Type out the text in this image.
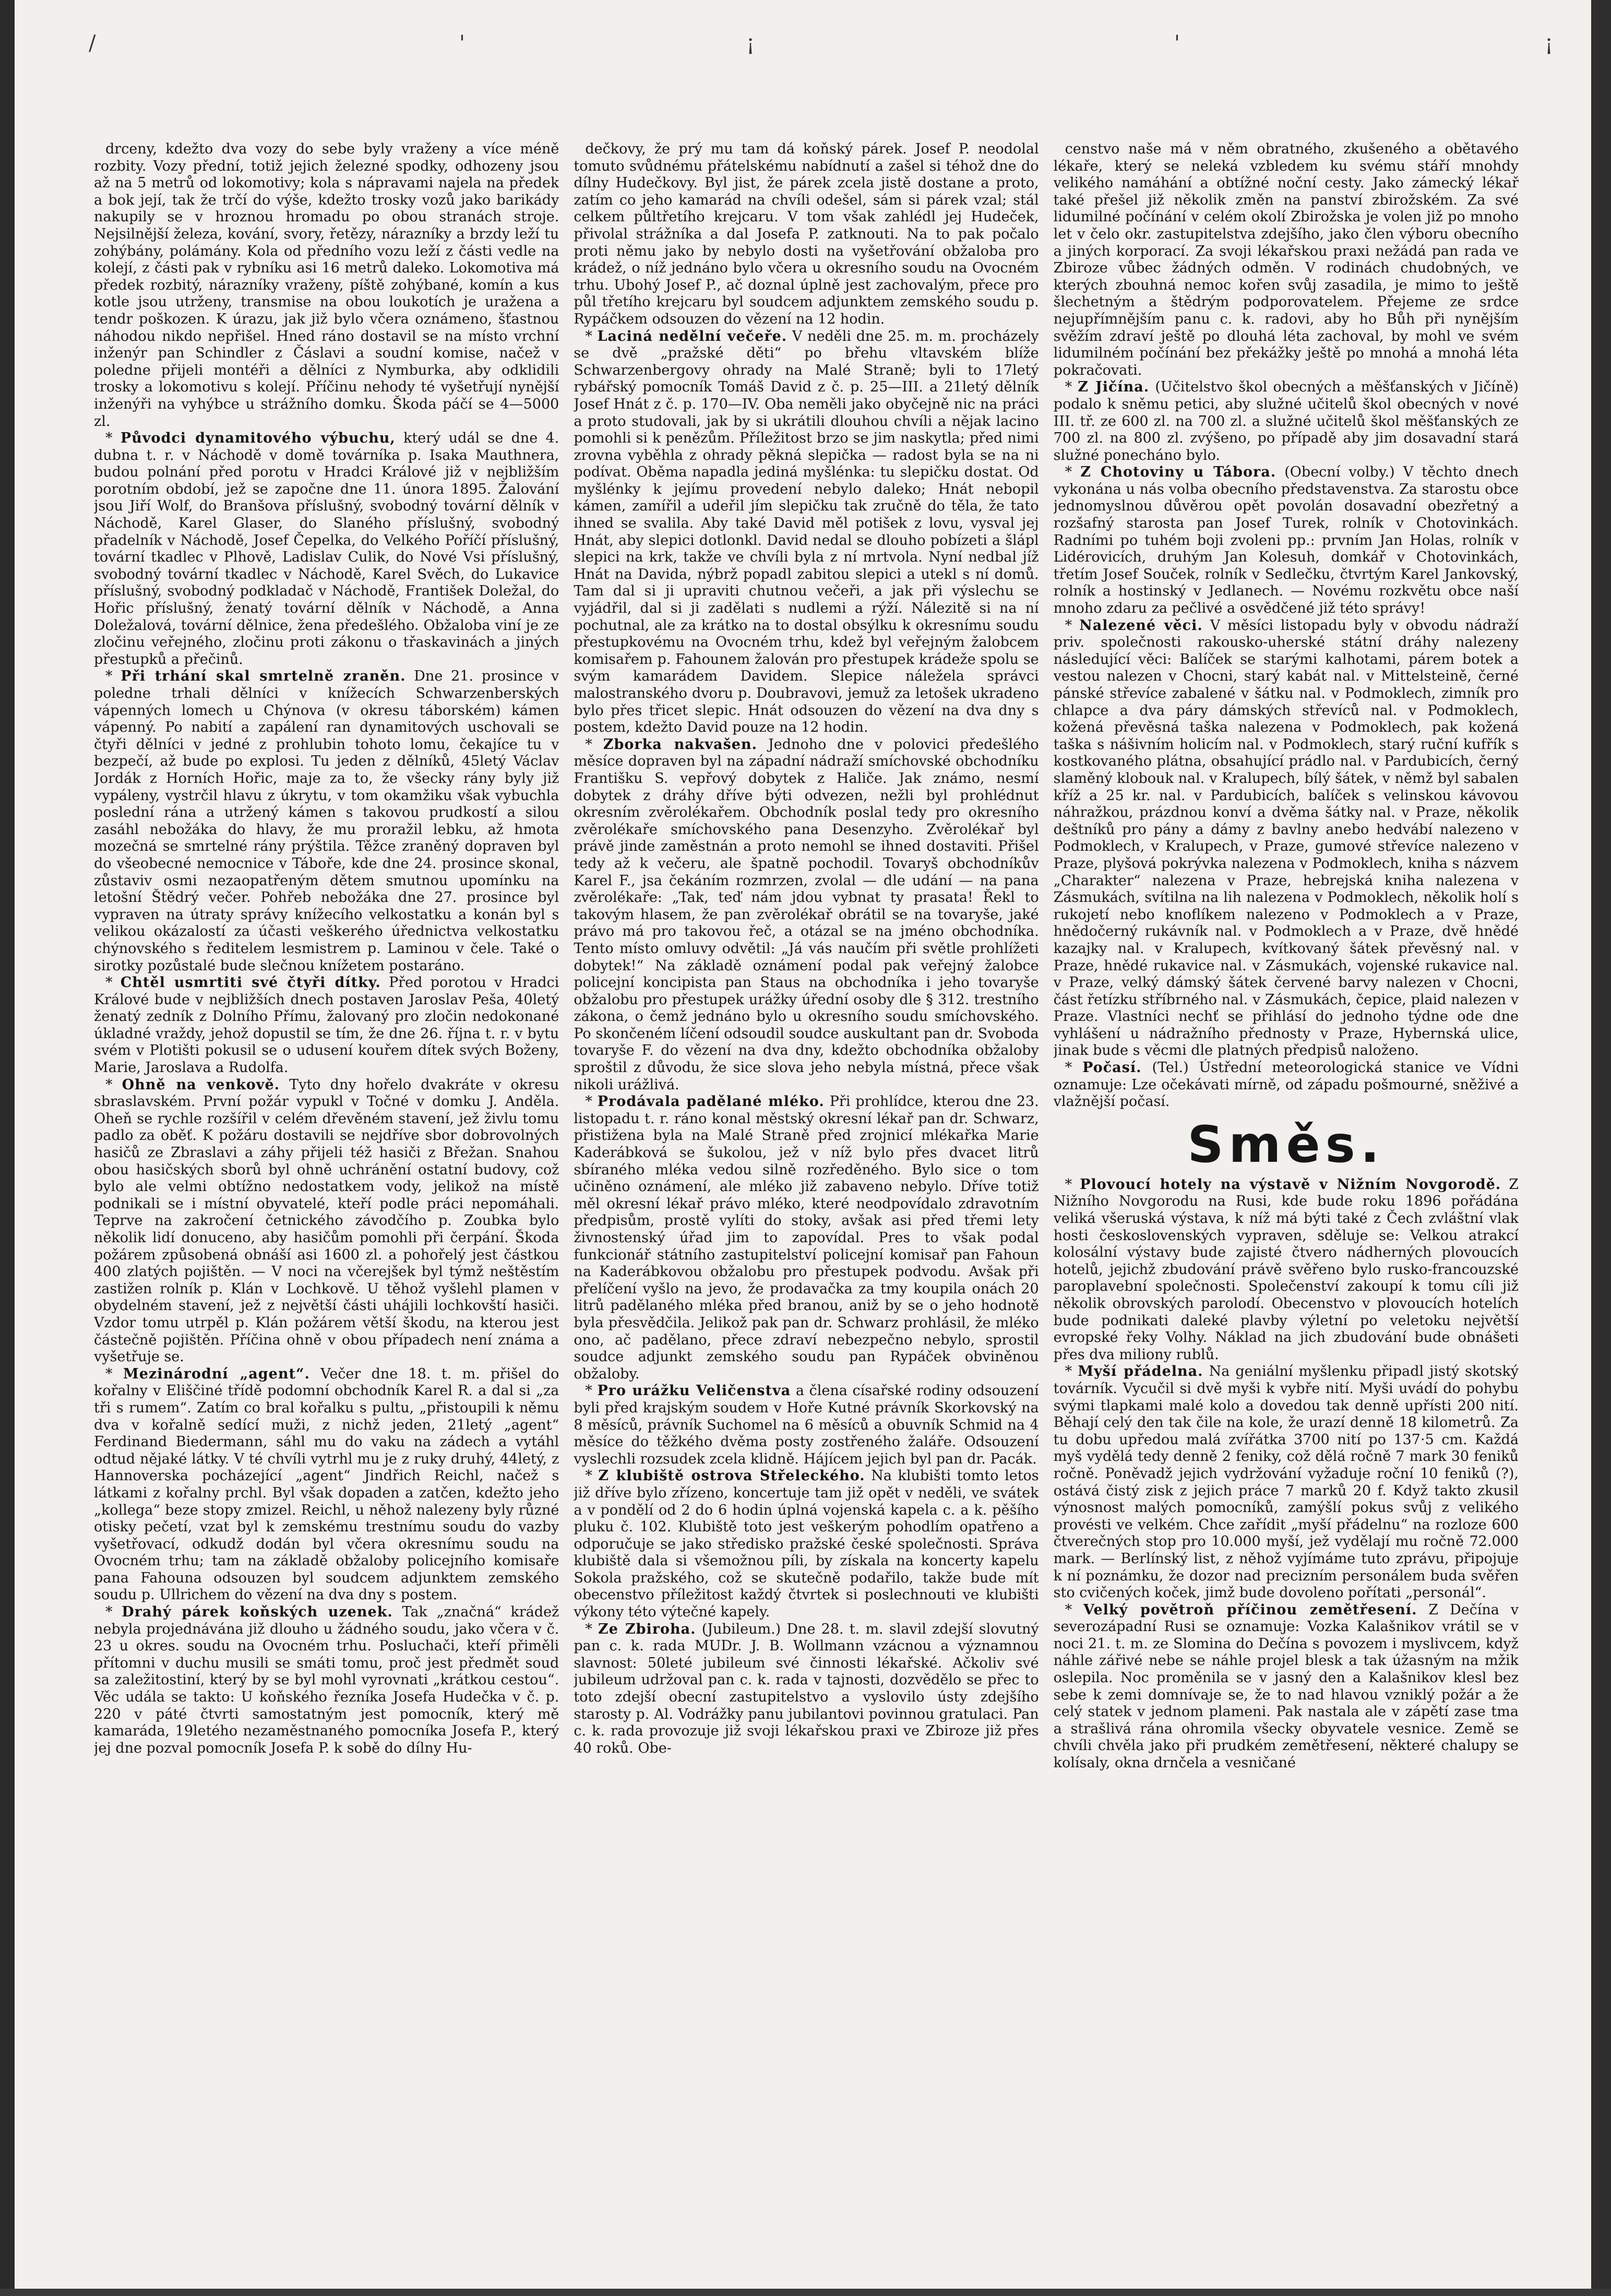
/	'	¡	'	¡

drceny, kdežto dva vozy do sebe byly vraženy a více méně rozbity. Vozy přední, totiž jejich železné spodky, odhozeny jsou až na 5 metrů od lokomotivy; kola s nápravami najela na předek a bok její, tak že trčí do výše, kdežto trosky vozů jako barikády nakupily se v hroznou hromadu po obou stranách stroje. Nejsilnější železa, kování, svory, řetězy, nárazníky a brzdy leží tu zohýbány, polámány. Kola od předního vozu leží z části vedle na kolejí, z části pak v rybníku asi 16 metrů daleko. Lokomotiva má předek rozbitý, nárazníky vraženy, píště zohýbané, komín a kus kotle jsou utrženy, transmise na obou loukotích je uražena a tendr poškozen. K úrazu, jak již bylo včera oznámeno, šťastnou náhodou nikdo nepřišel. Hned ráno dostavil se na místo vrchní inženýr pan Schindler z Čáslavi a soudní komise, načež v poledne přijeli montéři a dělníci z Nymburka, aby odklidili trosky a lokomotivu s kolejí. Příčinu nehody té vyšetřují nynější inženýři na vyhýbce u strážního domku. Škoda páčí se 4—5000 zl.

* Původci dynamitového výbuchu, který udál se dne 4. dubna t. r. v Náchodě v domě továrníka p. Isaka Mauthnera, budou polnání před porotu v Hradci Králové již v nejbližším porotním období, jež se započne dne 11. února 1895. Žalování jsou Jiří Wolf, do Branšova příslušný, svobodný tovární dělník v Náchodě, Karel Glaser, do Slaného příslušný, svobodný přadelník v Náchodě, Josef Čepelka, do Velkého Poříčí příslušný, tovární tkadlec v Plhově, Ladislav Culik, do Nové Vsi příslušný, svobodný tovární tkadlec v Náchodě, Karel Svěch, do Lukavice příslušný, svobodný podkladač v Náchodě, František Doležal, do Hořic příslušný, ženatý tovární dělník v Náchodě, a Anna Doležalová, tovární dělnice, žena předešlého. Obžaloba viní je ze zločinu veřejného, zločinu proti zákonu o třaskavinách a jiných přestupků a přečinů.

* Při trhání skal smrtelně zraněn. Dne 21. prosince v poledne trhali dělníci v knížecích Schwarzenberských vápenných lomech u Chýnova (v okresu táborském) kámen vápenný. Po nabití a zapálení ran dynamitových uschovali se čtyři dělníci v jedné z prohlubin tohoto lomu, čekajíce tu v bezpečí, až bude po explosi. Tu jeden z dělníků, 45letý Václav Jordák z Horních Hořic, maje za to, že všecky rány byly již vypáleny, vystrčil hlavu z úkrytu, v tom okamžiku však vybuchla poslední rána a utržený kámen s takovou prudkostí a silou zasáhl nebožáka do hlavy, že mu proražil lebku, až hmota mozečná se smrtelné rány prýštila. Těžce zraněný dopraven byl do všeobecné nemocnice v Táboře, kde dne 24. prosince skonal, zůstaviv osmi nezaopatřeným dětem smutnou upomínku na letošní Štědrý večer. Pohřeb nebožáka dne 27. prosince byl vypraven na útraty správy knížecího velkostatku a konán byl s velikou okázalostí za účasti veškerého úřednictva velkostatku chýnovského s ředitelem lesmistrem p. Laminou v čele. Také o sirotky pozůstalé bude slečnou knížetem postaráno.

* Chtěl usmrtiti své čtyři dítky. Před porotou v Hradci Králové bude v nejbližších dnech postaven Jaroslav Peša, 40letý ženatý zedník z Dolního Přímu, žalovaný pro zločin nedokonané úkladné vraždy, jehož dopustil se tím, že dne 26. října t. r. v bytu svém v Plotišti pokusil se o udusení kouřem dítek svých Boženy, Marie, Jaroslava a Rudolfa.

* Ohně na venkově. Tyto dny hořelo dvakráte v okresu sbraslavském. První požár vypukl v Točné v domku J. Andělа. Oheň se rychle rozšířil v celém dřevěném stavení, jež živlu tomu padlo za oběť. K požáru dostavili se nejdříve sbor dobrovolných hasičů ze Zbraslavi a záhy přijeli též hasiči z Břežan. Snahou obou hasičských sborů byl ohně uchránění ostatní budovy, což bylo ale velmi obtížno nedostatkem vody, jelikož na místě podnikali se i místní obyvatelé, kteří podle práci nepomáhali. Teprve na zakročení četnického závodčího p. Zoubka bylo několik lidí donuceno, aby hasičům pomohli při čerpání. Škoda požárem způsobená obnáší asi 1600 zl. a pohořelý jest částkou 400 zlatých pojištěn. — V noci na včerejšek byl týmž neštěstím zastižen rolník p. Klán v Lochkově. U těhož vyšlehl plamen v obydelném stavení, jež z největší části uhájili lochkovští hasiči. Vzdor tomu utrpěl p. Klán požárem větší škodu, na kterou jest částečně pojištěn. Příčina ohně v obou případech není známa a vyšetřuje se.

* Mezinárodní „agent“. Večer dne 18. t. m. přišel do kořalny v Eliščiné třídě podomní obchodník Karel R. a dal si „za tři s rumem“. Zatím co bral kořalku s pultu, „přistoupili k němu dva v kořalně sedící muži, z nichž jeden, 21letý „agent“ Ferdinand Biedermann, sáhl mu do vaku na zádech a vytáhl odtud nějaké látky. V té chvíli vytrhl mu je z ruky druhý, 44letý, z Hannoverska pocházející „agent“ Jindřich Reichl, načež s látkami z kořalny prchl. Byl však dopaden a zatčen, kdežto jeho „kollega“ beze stopy zmizel. Reichl, u něhož nalezeny byly různé otisky pečetí, vzat byl k zemskému trestnímu soudu do vazby vyšetřovací, odkudž dodán byl včera okresnímu soudu na Ovocném trhu; tam na základě obžaloby policejního komisaře pana Fahouna odsouzen byl soudcem adjunktem zemského soudu p. Ullrichem do vězení na dva dny s postem.

* Drahý párek koňských uzenek. Tak „značná“ krádež nebyla projednávána již dlouho u žádného soudu, jako včera v č. 23 u okres. soudu na Ovocném trhu. Posluchači, kteří přiměli přítomni v duchu musili se smáti tomu, proč jest předmět soud sa zaležitostiní, který by se byl mohl vyrovnati „krátkou cestou“. Věc udála se takto: U koňského řezníka Josefa Hudečka v č. p. 220 v páté čtvrti samostatným jest pomocník, který mě kamaráda, 19letého nezaměstnaného pomocníka Josefa P., který jej dne pozval pomocník Josefa P. k sobě do dílny Hu-

dečkovy, že prý mu tam dá koňský párek. Josef P. neodolal tomuto svůdnému přátelskému nabídnutí a zašel si téhož dne do dílny Hudečkovy. Byl jist, že párek zcela jistě dostane a proto, zatím co jeho kamarád na chvíli odešel, sám si párek vzal; stál celkem půltřetího krejcaru. V tom však zahlédl jej Hudeček, přivolal strážníka a dal Josefa P. zatknouti. Na to pak počalo proti němu jako by nebylo dosti na vyšetřování obžaloba pro krádež, o níž jednáno bylo včera u okresního soudu na Ovocném trhu. Ubohý Josef P., ač doznal úplně jest zachovalým, přece pro půl třetího krejcaru byl soudcem adjunktem zemského soudu p. Rypáčkem odsouzen do vězení na 12 hodin.

* Laciná nedělní večeře. V neděli dne 25. m. m. procházely se dvě „pražské děti“ po břehu vltavském blíže Schwarzenbergovy ohrady na Malé Straně; byli to 17letý rybářský pomocník Tomáš David z č. p. 25—III. a 21letý dělník Josef Hnát z č. p. 170—IV. Oba neměli jako obyčejně nic na práci a proto studovali, jak by si ukrátili dlouhou chvíli a nějak lacino pomohli si k penězům. Příležitost brzo se jim naskytla; před nimi zrovna vyběhla z ohrady pěkná slepička — radost byla se na ni podívat. Oběma napadla jediná myšlénka: tu slepičku dostat. Od myšlénky k jejímu provedení nebylo daleko; Hnát nebopil kámen, zamířil a udeřil jím slepičku tak zručně do těla, že tato ihned se svalila. Aby také David měl potišek z lovu, vysval jej Hnát, aby slepici dotlonkl. David nedal se dlouho pobízeti a šlápl slepici na krk, takže ve chvíli byla z ní mrtvola. Nyní nedbal jíž Hnát na Davida, nýbrž popadl zabitou slepici a utekl s ní domů. Tam dal si ji upraviti chutnou večeři, a jak při výslechu se vyjádřil, dal si ji zadělati s nudlemi a rýží. Nálezitě si na ní pochutnal, ale za krátko na to dostal obsýlku k okresnímu soudu přestupkovému na Ovocném trhu, kdež byl veřejným žalobcem komisařem p. Fahounem žalován pro přestupek krádeže spolu se svým kamarádem Davidem. Slepice náležela správci malostranského dvoru p. Doubravovi, jemuž za letošek ukradeno bylo přes třicet slepic. Hnát odsouzen do vězení na dva dny s postem, kdežto David pouze na 12 hodin.

* Zborka nakvašen. Jednoho dne v polovici předešlého měsíce dopraven byl na západní nádraží smíchovské obchodníku Františku S. vepřový dobytek z Haliče. Jak známo, nesmí dobytek z dráhy dříve býti odvezen, nežli byl prohlédnut okresním zvěrolékařem. Obchodník poslal tedy pro okresního zvěrolékaře smíchovského pana Desenzyho. Zvěrolékař byl právě jinde zaměstnán a proto nemohl se ihned dostaviti. Přišel tedy až k večeru, ale špatně pochodil. Tovaryš obchodníkův Karel F., jsa čekáním rozmrzen, zvolal — dle udání — na pana zvěrolékaře: „Tak, teď nám jdou vybnat ty prasata! Řekl to takovým hlasem, že pan zvěrolékař obrátil se na tovaryše, jaké právo má pro takovou řeč, a otázal se na jméno obchodníka. Tento místo omluvy odvětil: „Já vás naučím při světle prohlížeti dobytek!“ Na základě oznámení podal pak veřejný žalobce policejní koncipista pan Staus na obchodníka i jeho tovaryše obžalobu pro přestupek urážky úřední osoby dle § 312. trestního zákona, o čemž jednáno bylo u okresního soudu smíchovského. Po skončeném líčení odsoudil soudce auskultant pan dr. Svoboda tovaryše F. do vězení na dva dny, kdežto obchodníka obžaloby sproštil z důvodu, že sice slova jeho nebyla místná, přece však nikoli urážlivá.

* Prodávala padělané mléko. Při prohlídce, kterou dne 23. listopadu t. r. ráno konal městský okresní lékař pan dr. Schwarz, přistižena byla na Malé Straně před zrojnicí mlékařka Marie Kaderábková se šukolou, jež v níž bylo přes dvacet litrů sbíraného mléka vedou silně rozředěného. Bylo sice o tom učiněno oznámení, ale mléko již zabaveno nebylo. Dříve totiž měl okresní lékař právo mléko, které neodpovídalo zdravotním předpisům, prostě vylíti do stoky, avšak asi před třemi lety živnostenský úřad jim to zapovídal. Pres to však podal funkcionář státního zastupitelství policejní komisař pan Fahoun na Kaderábkovou obžalobu pro přestupek podvodu. Avšak při přelíčení vyšlo na jevo, že prodavačka za tmy koupila onách 20 litrů padělaného mléka před branou, aniž by se o jeho hodnotě byla přesvědčila. Jelikož pak pan dr. Schwarz prohlásil, že mléko ono, ač padělano, přece zdraví nebezpečno nebylo, sprostil soudce adjunkt zemského soudu pan Rypáček obviněnou obžaloby.

* Pro urážku Veličenstva a člena císařské rodiny odsouzení byli před krajským soudem v Hoře Kutné právník Skorkovský na 8 měsíců, právník Suchomel na 6 měsíců a obuvník Schmid na 4 měsíce do těžkého dvěma posty zostřeného žaláře. Odsouzení vyslechli rozsudek zcela klidně. Hájícem jejich byl pan dr. Pacák.

* Z klubiště ostrova Střeleckého. Na klubišti tomto letos již dříve bylo zřízeno, koncertuje tam již opět v neděli, ve svátek a v pondělí od 2 do 6 hodin úplná vojenská kapela c. a k. pěšího pluku č. 102. Klubiště toto jest veškerým pohodlím opatřeno a odporučuje se jako středisko pražské české společnosti. Správa klubiště dala si všemožnou píli, by získala na koncerty kapelu Sokola pražského, což se skutečně podařilo, takže bude mít obecenstvo příležitost každý čtvrtek si poslechnouti ve klubišti výkony této výtečné kapely.

* Ze Zbiroha. (Jubileum.) Dne 28. t. m. slavil zdejší slovutný pan c. k. rada MUDr. J. B. Wollmann vzácnou a významnou slavnost: 50leté jubileum své činnosti lékařské. Ačkoliv své jubileum udržoval pan c. k. rada v tajnosti, dozvědělo se přec to toto zdejší obecní zastupitelstvo a vyslovilo ústy zdejšího starosty p. Al. Vodrážky panu jubilantovi povinnou gratulaci. Pan c. k. rada provozuje již svoji lékařskou praxi ve Zbiroze již přes 40 roků. Obe-

censtvo naše má v něm obratného, zkušeného a obětavého lékaře, který se neleká vzbledem ku svému stáří mnohdy velikého namáhání a obtížné noční cesty. Jako zámecký lékař také přešel již několik změn na panství zbirožském. Za své lidumilné počínání v celém okolí Zbirožska je volen již po mnoho let v čelo okr. zastupitelstva zdejšího, jako člen výboru obecního a jiných korporací. Za svoji lékařskou praxi nežádá pan rada ve Zbiroze vůbec žádných odměn. V rodinách chudobných, ve kterých zbouhná nemoc kořen svůj zasadila, je mimo to ještě šlechetným a štědrým podporovatelem. Přejeme ze srdce nejupřímnějším panu c. k. radovi, aby ho Bůh při nynějším svěžím zdraví ještě po dlouhá léta zachoval, by mohl ve svém lidumilném počínání bez překážky ještě po mnohá a mnohá léta pokračovati.

* Z Jičína. (Učitelstvo škol obecných a měšťanských v Jičíně) podalo k sněmu petici, aby služné učitelů škol obecných v nové III. tř. ze 600 zl. na 700 zl. a služné učitelů škol měšťanských ze 700 zl. na 800 zl. zvýšeno, po případě aby jim dosavadní stará služné ponecháno bylo.

* Z Chotoviny u Tábora. (Obecní volby.) V těchto dnech vykonána u nás volba obecního představenstva. Za starostu obce jednomyslnou důvěrou opět povolán dosavadní obezřetný a rozšafný starosta pan Josef Turek, rolník v Chotovinkách. Radními po tuhém boji zvoleni pp.: prvním Jan Holas, rolník v Lidérovicích, druhým Jan Kolesuh, domkář v Chotovinkách, třetím Josef Souček, rolník v Sedlečku, čtvrtým Karel Jankovský, rolník a hostinský v Jedlanech. — Novému rozkvětu obce naší mnoho zdaru za pečlivé a osvědčené již této správy!

* Nalezené věci. V měsíci listopadu byly v obvodu nádraží priv. společnosti rakousko-uherské státní dráhy nalezeny následující věci: Balíček se starými kalhotami, párem botek a vestou nalezen v Chocni, starý kabát nal. v Mittelsteině, černé pánské střevíce zabalené v šátku nal. v Podmoklech, zimník pro chlapce a dva páry dámských střevíců nal. v Podmoklech, kožená převěsná taška nalezena v Podmoklech, pak kožená taška s nášivním holicím nal. v Podmoklech, starý ruční kufřík s kostkovaného plátna, obsahující prádlo nal. v Pardubicích, černý slaměný klobouk nal. v Kralupech, bílý šátek, v němž byl sabalen kříž a 25 kr. nal. v Pardubicích, balíček s velinskou kávovou náhražkou, prázdnou konví a dvěma šátky nal. v Praze, několik deštníků pro pány a dámy z bavlny anebo hedvábí nalezeno v Podmoklech, v Kralupech, v Praze, gumové střevíce nalezeno v Praze, plyšová pokrývka nalezena v Podmoklech, kniha s názvem „Charakter“ nalezena v Praze, hebrejská kniha nalezena v Zásmukách, svítilna na lih nalezena v Podmoklech, několik holí s rukojetí nebo knoflíkem nalezeno v Podmoklech a v Praze, hnědočerný rukávník nal. v Podmoklech a v Praze, dvě hnědé kazajky nal. v Kralupech, kvítkovaný šátek převěsný nal. v Praze, hnědé rukavice nal. v Zásmukách, vojenské rukavice nal. v Praze, velký dámský šátek červené barvy nalezen v Chocni, část řetízku stříbrného nal. v Zásmukách, čepice, plaid nalezen v Praze. Vlastníci nechť se přihlásí do jednoho týdne ode dne vyhlášení u nádražního přednosty v Praze, Hybernská ulice, jinak bude s věcmi dle platných předpisů naloženo.

* Počasí. (Tel.) Ústřední meteorologická stanice ve Vídni oznamuje: Lze očekávati mírně, od západu pošmourné, sněživé a vlažnější počasí.

Směs.

* Plovoucí hotely na výstavě v Nižním Novgorodě. Z Nižního Novgorodu na Rusi, kde bude roku 1896 pořádána veliká všeruská výstava, k níž má býti také z Čech zvláštní vlak hosti československých vypraven, sděluje se: Velkou atrakcí kolosální výstavy bude zajisté čtvero nádherných plovoucích hotelů, jejichž zbudování právě svěřeno bylo rusko-francouzské paroplavební společnosti. Společenství zakoupí k tomu cíli již několik obrovských parolodí. Obecenstvo v plovoucích hotelích bude podnikati daleké plavby výletní po veletoku největší evropské řeky Volhy. Náklad na jich zbudování bude obnášeti přes dva miliony rublů.

* Myší přádelna. Na geniální myšlenku připadl jistý skotský továrník. Vycučil si dvě myši k vybře nití. Myši uvádí do pohybu svými tlapkami malé kolo a dovedou tak denně upřísti 200 nití. Běhají celý den tak čile na kole, že urazí denně 18 kilometrů. Za tu dobu upředou malá zvířátka 3700 nití po 137·5 cm. Každá myš vydělá tedy denně 2 feniky, což dělá ročně 7 mark 30 feniků ročně. Poněvadž jejich vydržování vyžaduje roční 10 feniků (?), ostává čistý zisk z jejich práce 7 marků 20 f. Když takto zkusil výnosnost malých pomocníků, zamýšlí pokus svůj z velikého provésti ve velkém. Chce zařídit „myší přádelnu“ na rozloze 600 čtverečných stop pro 10.000 myší, jež vydělají mu ročně 72.000 mark. — Berlínský list, z něhož vyjímáme tuto zprávu, připojuje k ní poznámku, že dozor nad precizním personálem buda svěřen sto cvičených koček, jimž bude dovoleno pořítati „personál“.

* Velký povětroň příčinou zemětřesení. Z Dečína v severozápadní Rusi se oznamuje: Vozka Kalašnikov vrátil se v noci 21. t. m. ze Slomina do Dečína s povozem i myslivcem, když náhle zářivé nebe se náhle projel blesk a tak úžasným na mžik oslepila. Noc proměnila se v jasný den a Kalašnikov klesl bez sebe k zemi domnívaje se, že to nad hlavou vzniklý požár a že celý statek v jednom plameni. Pak nastala ale v zápětí zase tma a strašlivá rána ohromila všecky obyvatele vesnice. Země se chvíli chvěla jako při prudkém zemětřesení, některé chalupy se kolísaly, okna drnčela a vesničané
